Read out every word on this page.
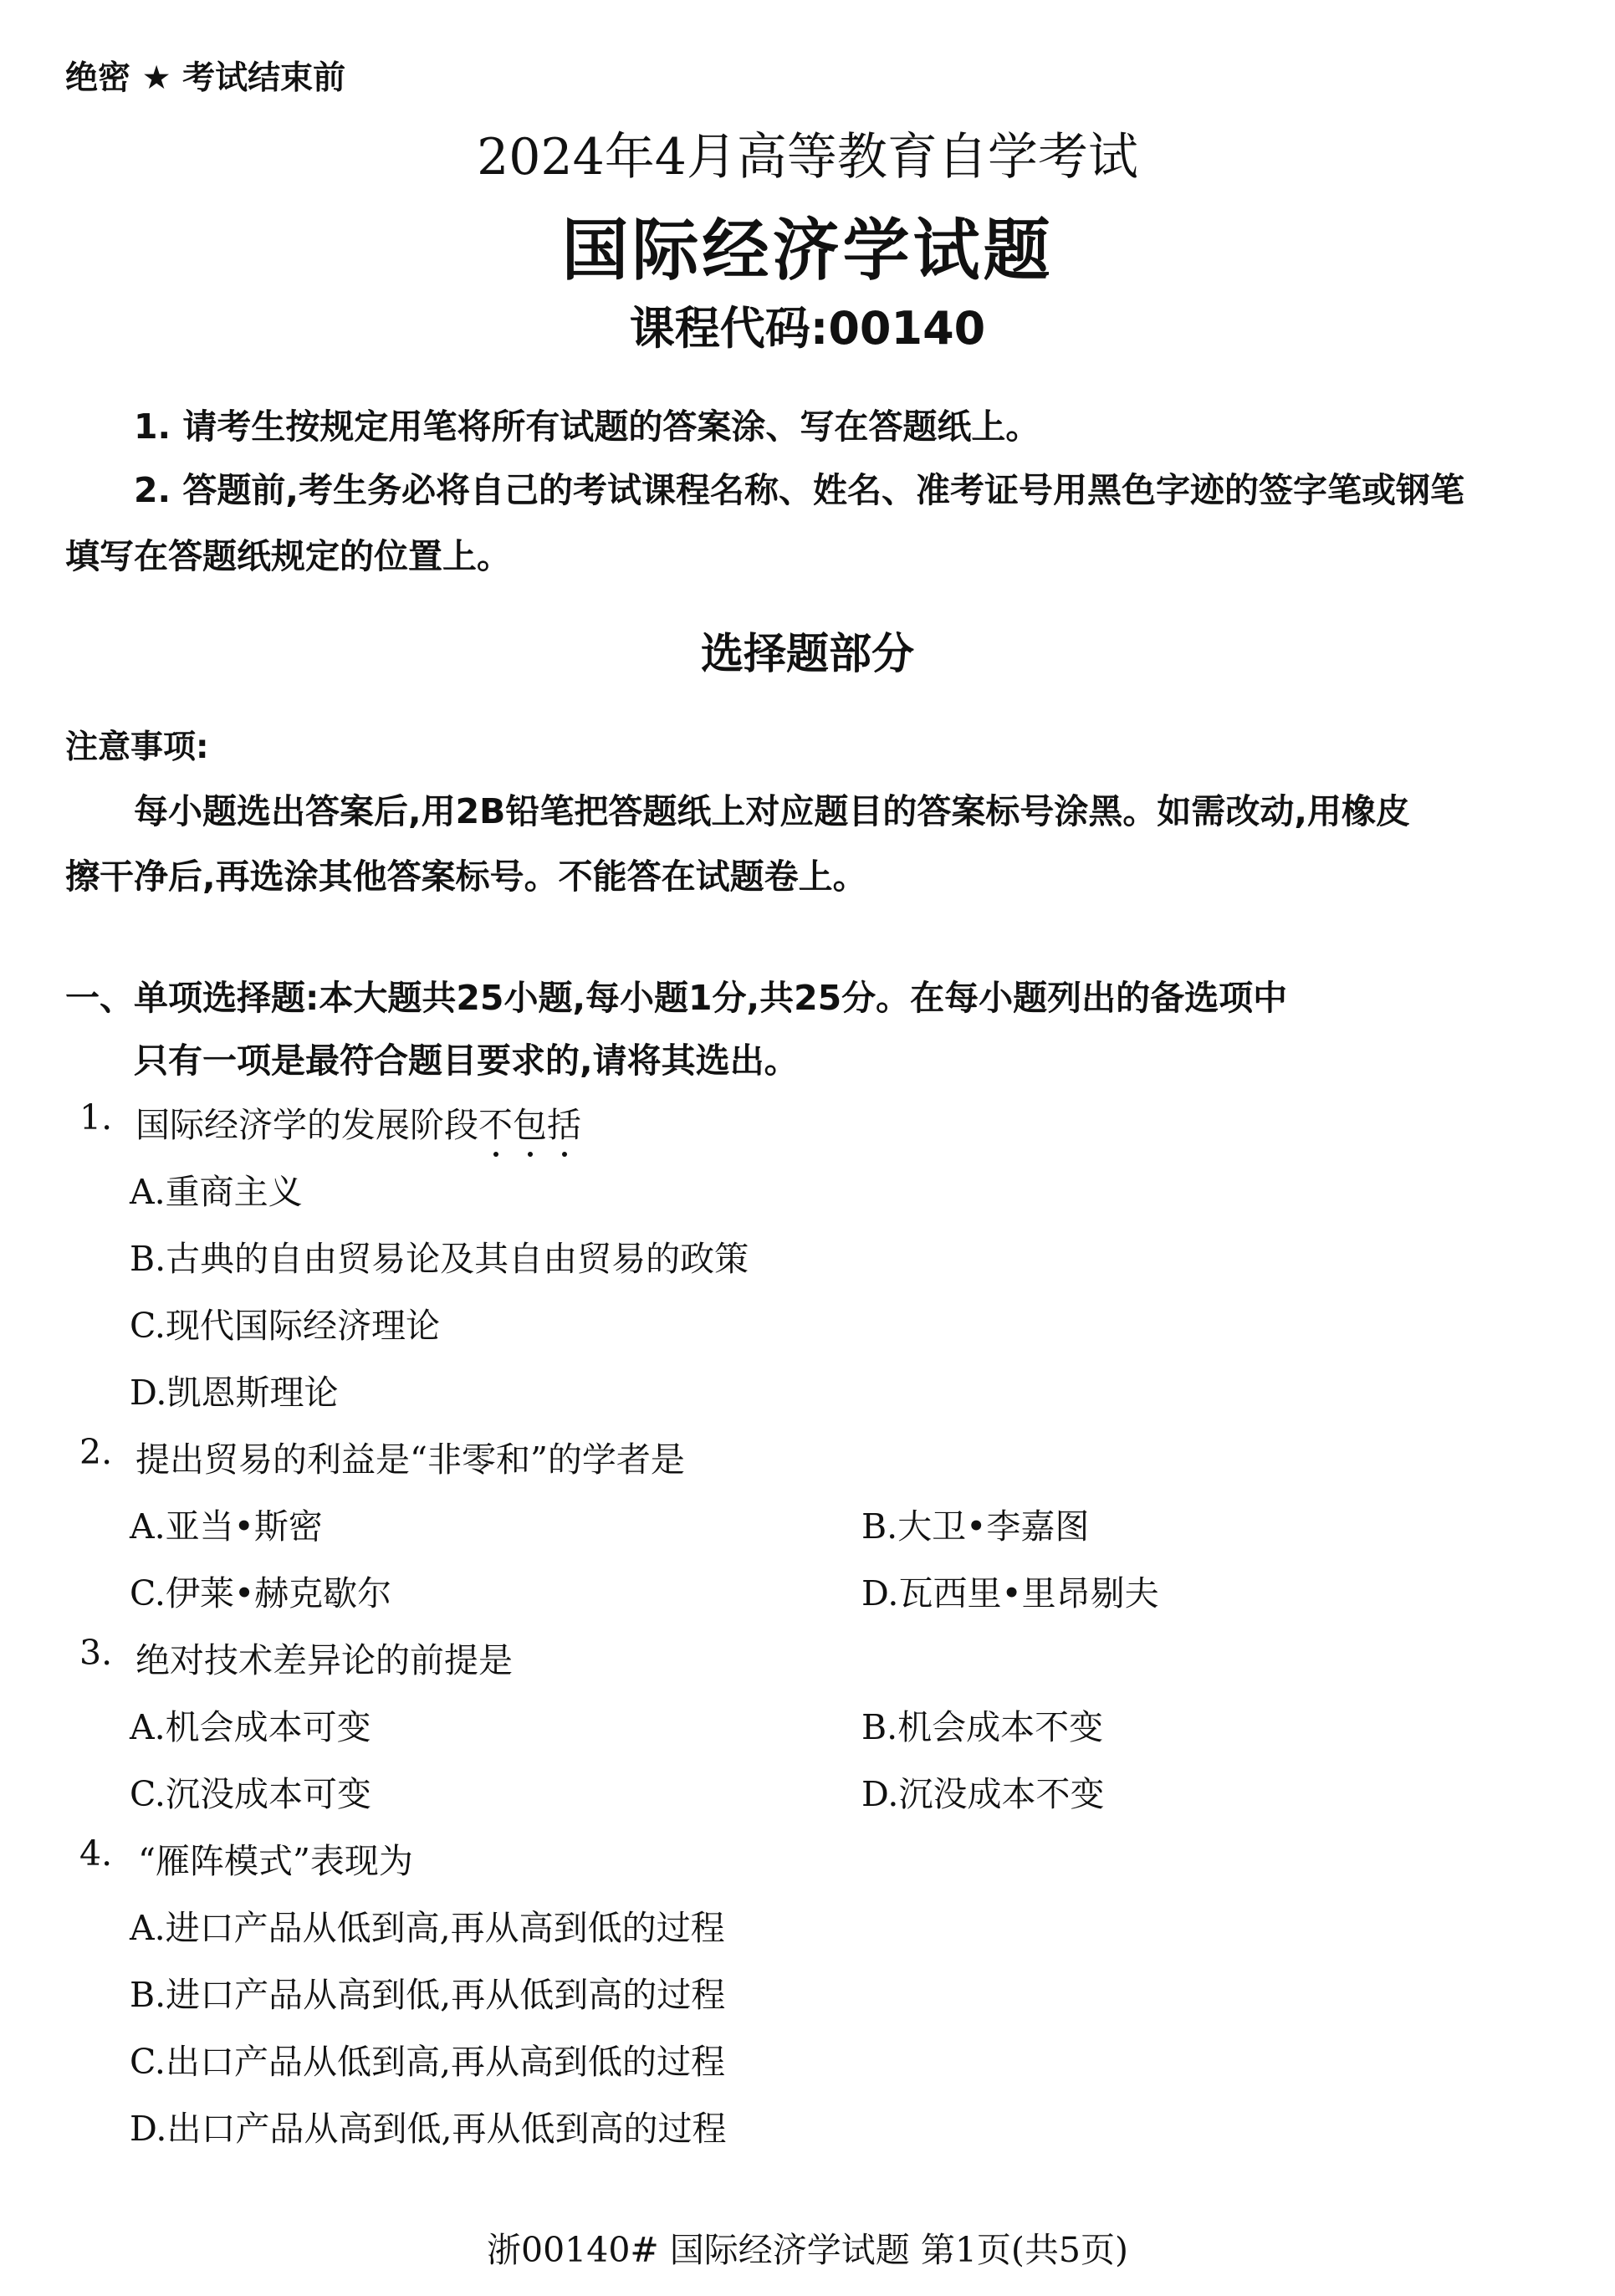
绝密 ★ 考试结束前
2024年4月高等教育自学考试
国际经济学试题
课程代码:00140
1. 请考生按规定用笔将所有试题的答案涂、写在答题纸上。
2. 答题前,考生务必将自己的考试课程名称、姓名、准考证号用黑色字迹的签字笔或钢笔
填写在答题纸规定的位置上。
选择题部分
注意事项:
每小题选出答案后,用2B铅笔把答题纸上对应题目的答案标号涂黑。如需改动,用橡皮
擦干净后,再选涂其他答案标号。不能答在试题卷上。
一、单项选择题:本大题共25小题,每小题1分,共25分。在每小题列出的备选项中
只有一项是最符合题目要求的,请将其选出。
1. 国际经济学的发展阶段不包括
A.重商主义
B.古典的自由贸易论及其自由贸易的政策
C.现代国际经济理论
D.凯恩斯理论
2. 提出贸易的利益是“非零和”的学者是
A.亚当•斯密	B.大卫•李嘉图
C.伊莱•赫克歇尔	D.瓦西里•里昂剔夫
3. 绝对技术差异论的前提是
A.机会成本可变	B.机会成本不变
C.沉没成本可变	D.沉没成本不变
4. “雁阵模式”表现为
A.进口产品从低到高,再从高到低的过程
B.进口产品从高到低,再从低到高的过程
C.出口产品从低到高,再从高到低的过程
D.出口产品从高到低,再从低到高的过程
浙00140# 国际经济学试题 第1页(共5页)
